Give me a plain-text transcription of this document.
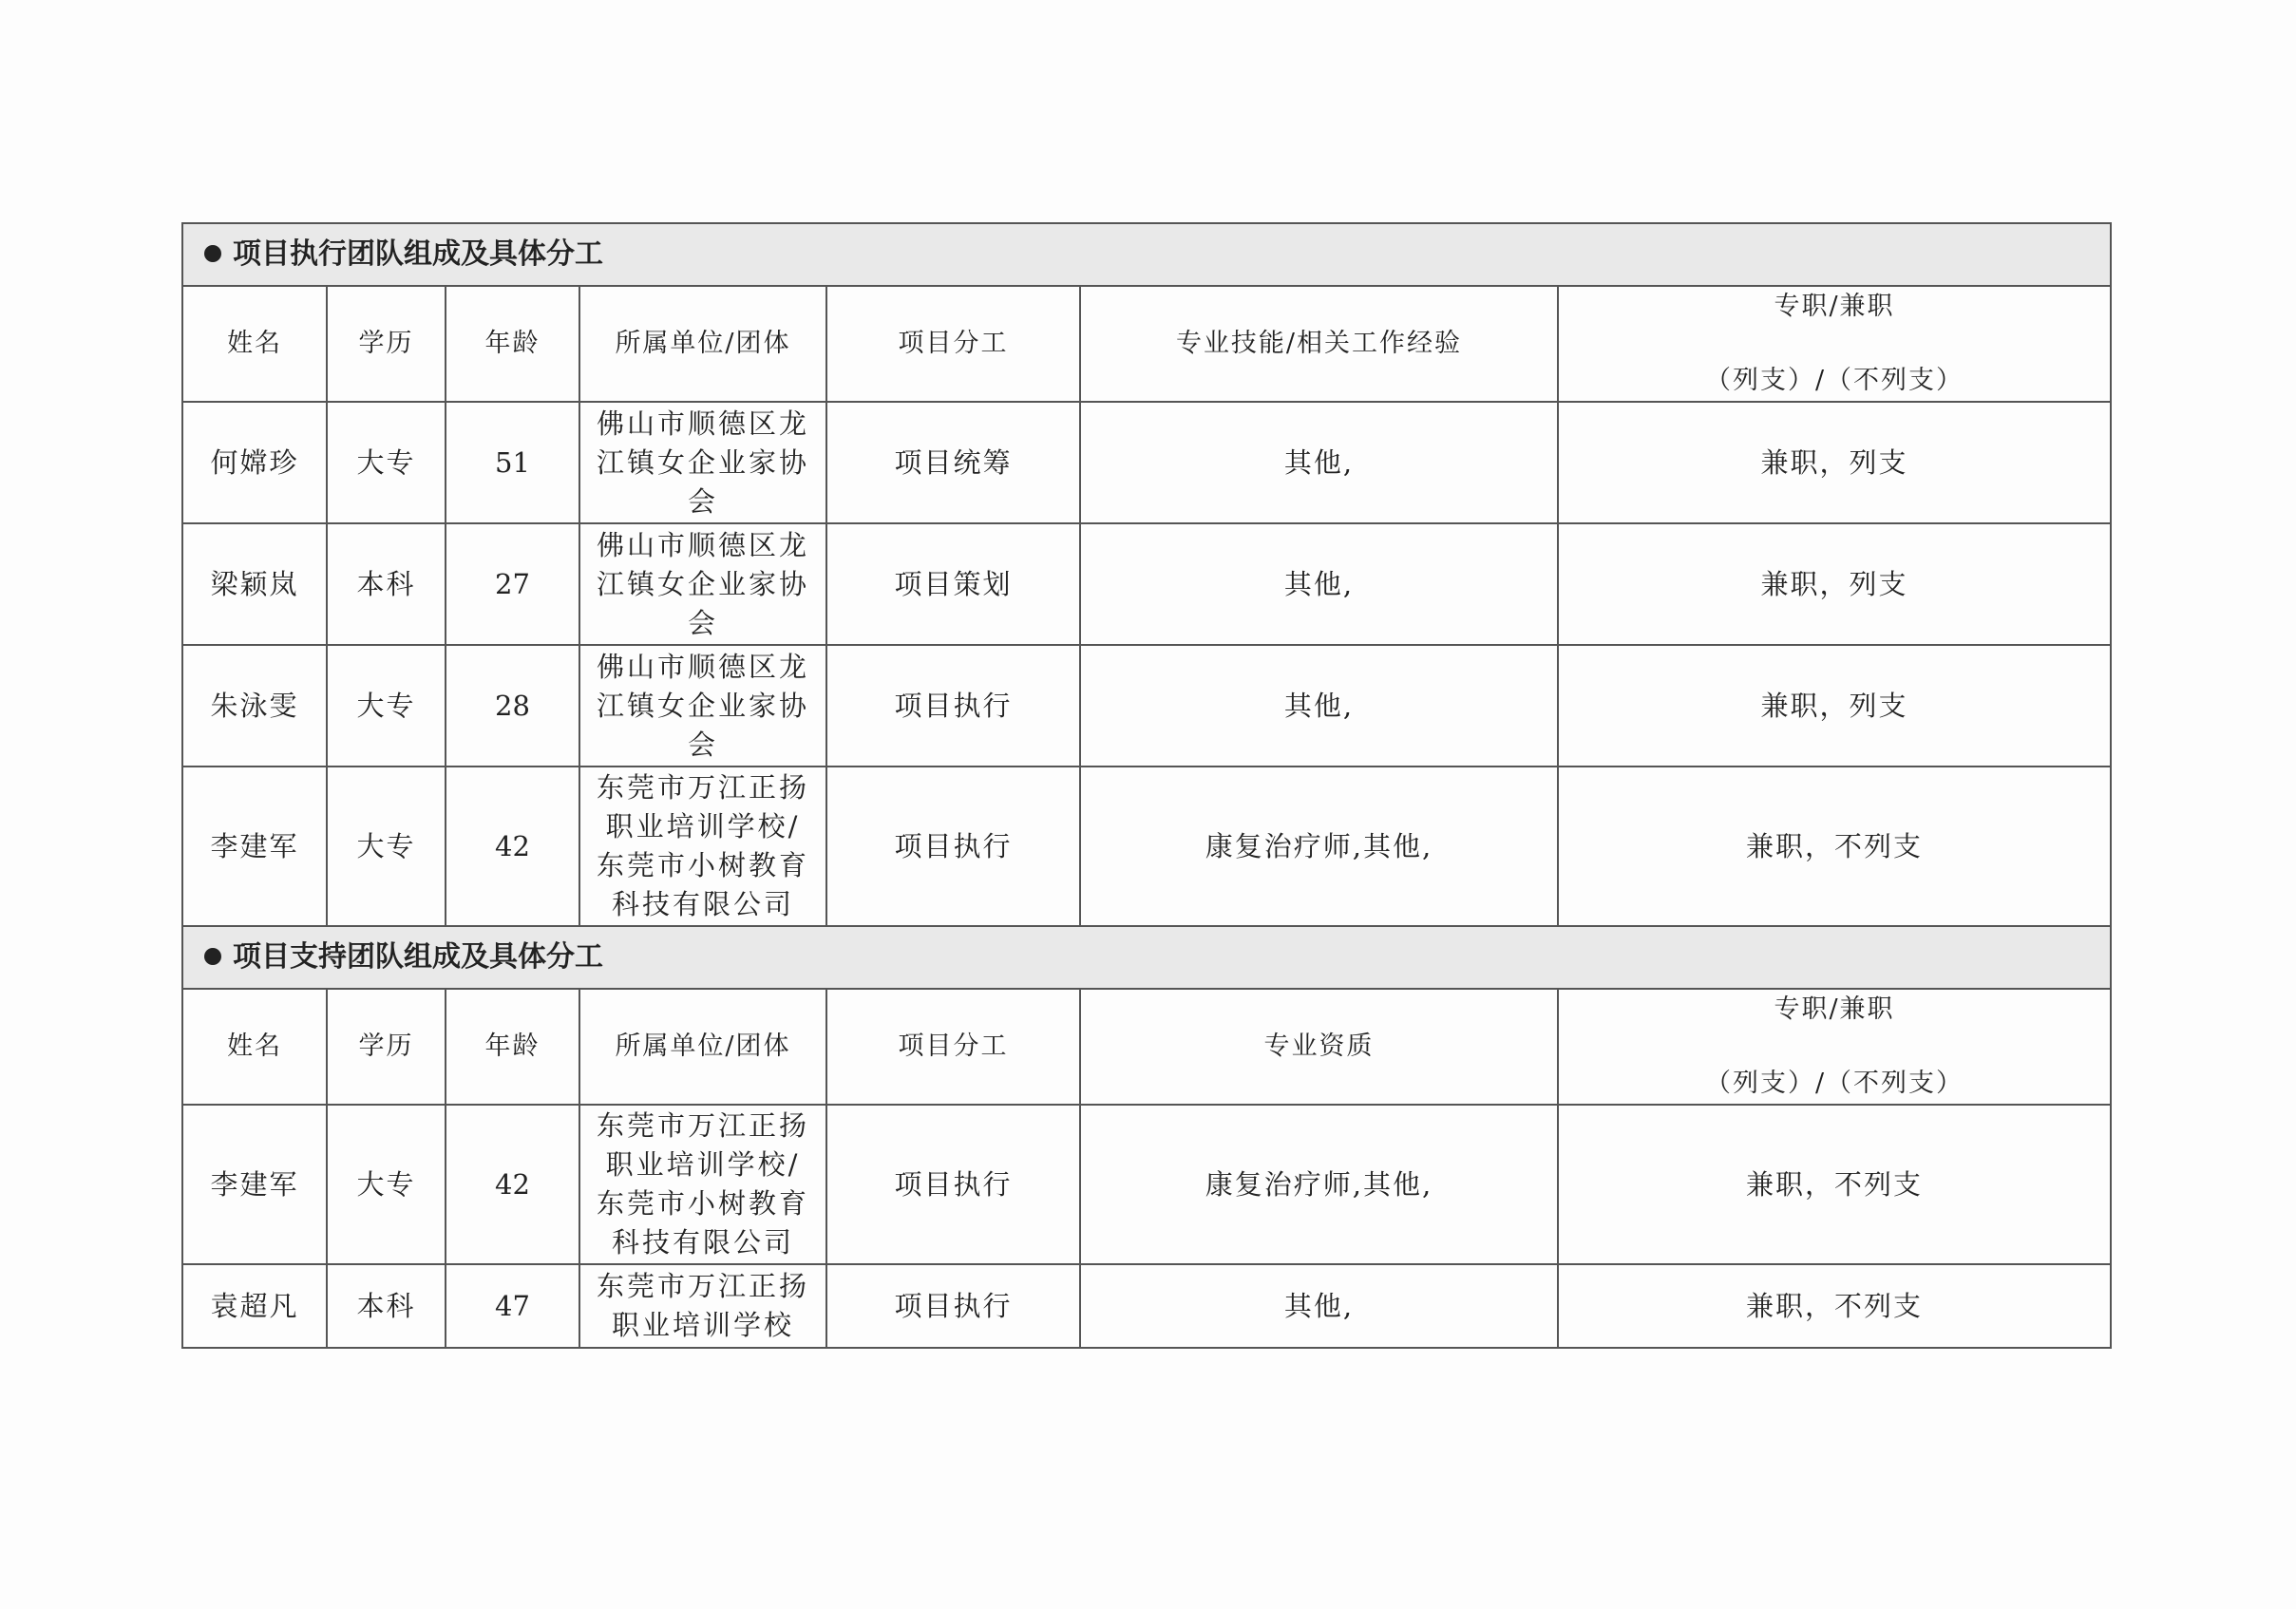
项目执行团队组成及具体分工						
姓名	学历	年龄	所属单位/团体	项目分工	专业技能/相关工作经验	专职/兼职
（列支）/（不列支）

何嫦珍	大专	51	佛山市顺德区龙江镇女企业家协会	项目统筹	其他,	兼职，列支
梁颖岚	本科	27	佛山市顺德区龙江镇女企业家协会	项目策划	其他,	兼职，列支
朱泳雯	大专	28	佛山市顺德区龙江镇女企业家协会	项目执行	其他,	兼职，列支
李建军	大专	42	东莞市万江正扬职业培训学校/东莞市小树教育科技有限公司	项目执行	康复治疗师,其他,	兼职，不列支
项目支持团队组成及具体分工						
姓名	学历	年龄	所属单位/团体	项目分工	专业资质	专职/兼职
（列支）/（不列支）

李建军	大专	42	东莞市万江正扬职业培训学校/东莞市小树教育科技有限公司	项目执行	康复治疗师,其他,	兼职，不列支
袁超凡	本科	47	东莞市万江正扬职业培训学校	项目执行	其他,	兼职，不列支
